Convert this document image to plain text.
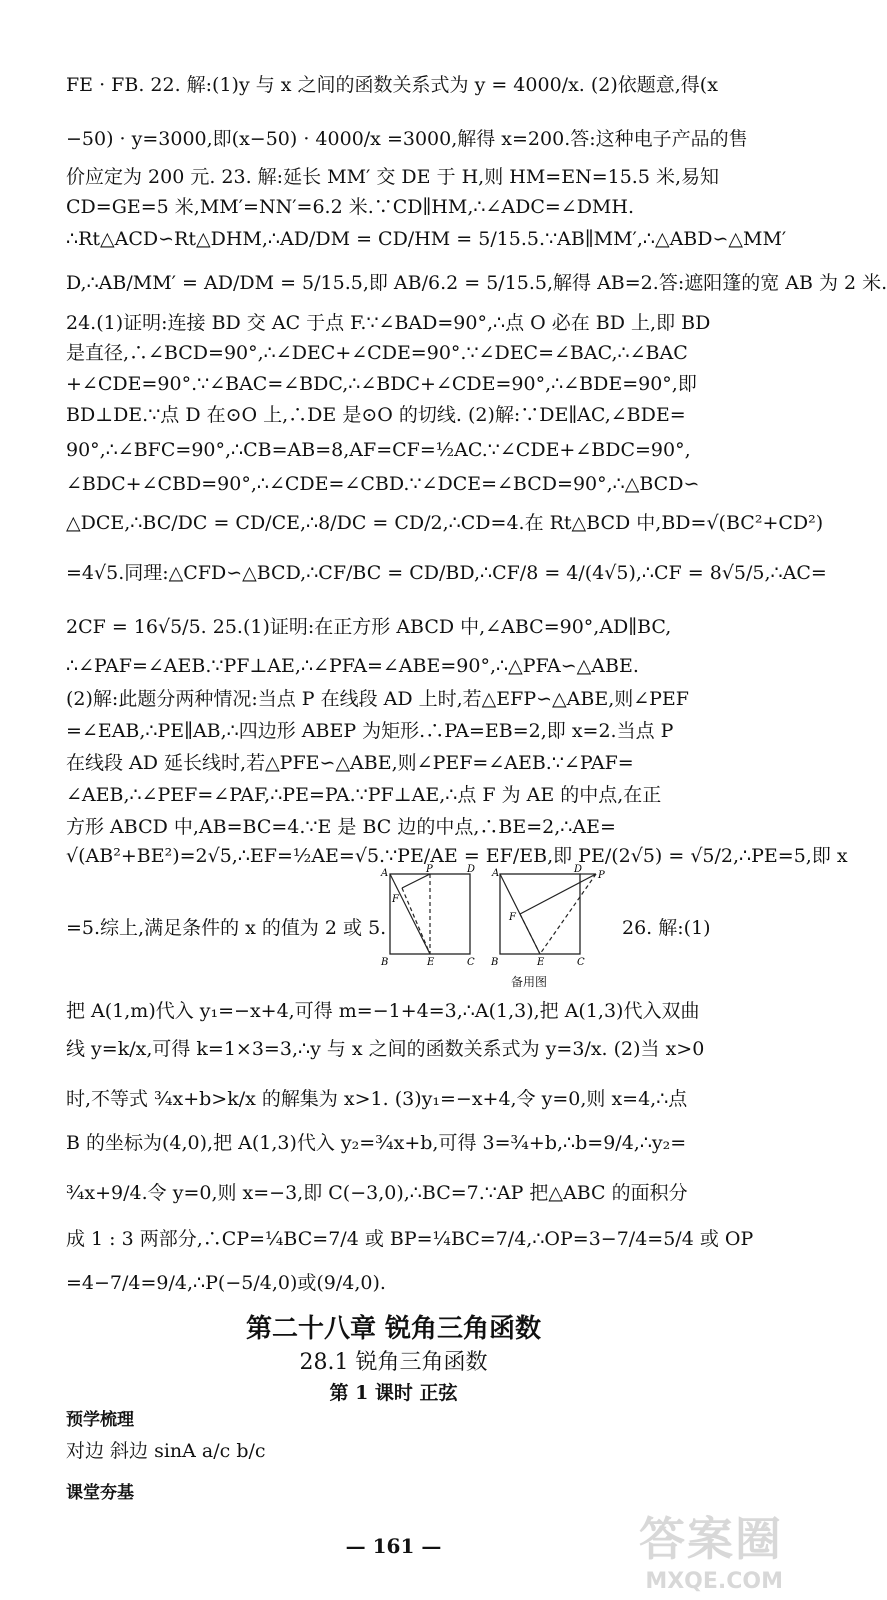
FE · FB. 22. 解:(1)y 与 x 之间的函数关系式为 y = 4000/x. (2)依题意,得(x
−50) · y=3000,即(x−50) · 4000/x =3000,解得 x=200.答:这种电子产品的售
价应定为 200 元. 23. 解:延长 MM′ 交 DE 于 H,则 HM=EN=15.5 米,易知
CD=GE=5 米,MM′=NN′=6.2 米.∵CD∥HM,∴∠ADC=∠DMH.
∴Rt△ACD∽Rt△DHM,∴AD/DM = CD/HM = 5/15.5.∵AB∥MM′,∴△ABD∽△MM′
D,∴AB/MM′ = AD/DM = 5/15.5,即 AB/6.2 = 5/15.5,解得 AB=2.答:遮阳篷的宽 AB 为 2 米.
24.(1)证明:连接 BD 交 AC 于点 F.∵∠BAD=90°,∴点 O 必在 BD 上,即 BD
是直径,∴∠BCD=90°,∴∠DEC+∠CDE=90°.∵∠DEC=∠BAC,∴∠BAC
+∠CDE=90°.∵∠BAC=∠BDC,∴∠BDC+∠CDE=90°,∴∠BDE=90°,即
BD⊥DE.∵点 D 在⊙O 上,∴DE 是⊙O 的切线. (2)解:∵DE∥AC,∠BDE=
90°,∴∠BFC=90°,∴CB=AB=8,AF=CF=½AC.∵∠CDE+∠BDC=90°,
∠BDC+∠CBD=90°,∴∠CDE=∠CBD.∵∠DCE=∠BCD=90°,∴△BCD∽
△DCE,∴BC/DC = CD/CE,∴8/DC = CD/2,∴CD=4.在 Rt△BCD 中,BD=√(BC²+CD²)
=4√5.同理:△CFD∽△BCD,∴CF/BC = CD/BD,∴CF/8 = 4/(4√5),∴CF = 8√5/5,∴AC=
2CF = 16√5/5. 25.(1)证明:在正方形 ABCD 中,∠ABC=90°,AD∥BC,
∴∠PAF=∠AEB.∵PF⊥AE,∴∠PFA=∠ABE=90°,∴△PFA∽△ABE.
(2)解:此题分两种情况:当点 P 在线段 AD 上时,若△EFP∽△ABE,则∠PEF
=∠EAB,∴PE∥AB,∴四边形 ABEP 为矩形.∴PA=EB=2,即 x=2.当点 P
在线段 AD 延长线时,若△PFE∽△ABE,则∠PEF=∠AEB.∵∠PAF=
∠AEB,∴∠PEF=∠PAF,∴PE=PA.∵PF⊥AE,∴点 F 为 AE 的中点,在正
方形 ABCD 中,AB=BC=4.∵E 是 BC 边的中点,∴BE=2,∴AE=
√(AB²+BE²)=2√5,∴EF=½AE=√5.∵PE/AE = EF/EB,即 PE/(2√5) = √5/2,∴PE=5,即 x
=5.综上,满足条件的 x 的值为 2 或 5.
A	P	D
F
B	E	C
A	D
P
F
B	E	C
备用图
26. 解:(1)
把 A(1,m)代入 y₁=−x+4,可得 m=−1+4=3,∴A(1,3),把 A(1,3)代入双曲
线 y=k/x,可得 k=1×3=3,∴y 与 x 之间的函数关系式为 y=3/x. (2)当 x>0
时,不等式 ¾x+b>k/x 的解集为 x>1. (3)y₁=−x+4,令 y=0,则 x=4,∴点
B 的坐标为(4,0),把 A(1,3)代入 y₂=¾x+b,可得 3=¾+b,∴b=9/4,∴y₂=
¾x+9/4.令 y=0,则 x=−3,即 C(−3,0),∴BC=7.∵AP 把△ABC 的面积分
成 1 : 3 两部分,∴CP=¼BC=7/4 或 BP=¼BC=7/4,∴OP=3−7/4=5/4 或 OP
=4−7/4=9/4,∴P(−5/4,0)或(9/4,0).
第二十八章 锐角三角函数
28.1 锐角三角函数
第 1 课时 正弦
预学梳理
对边 斜边 sinA a/c b/c
课堂夯基
— 161 —	答案圈
MXQE.COM
